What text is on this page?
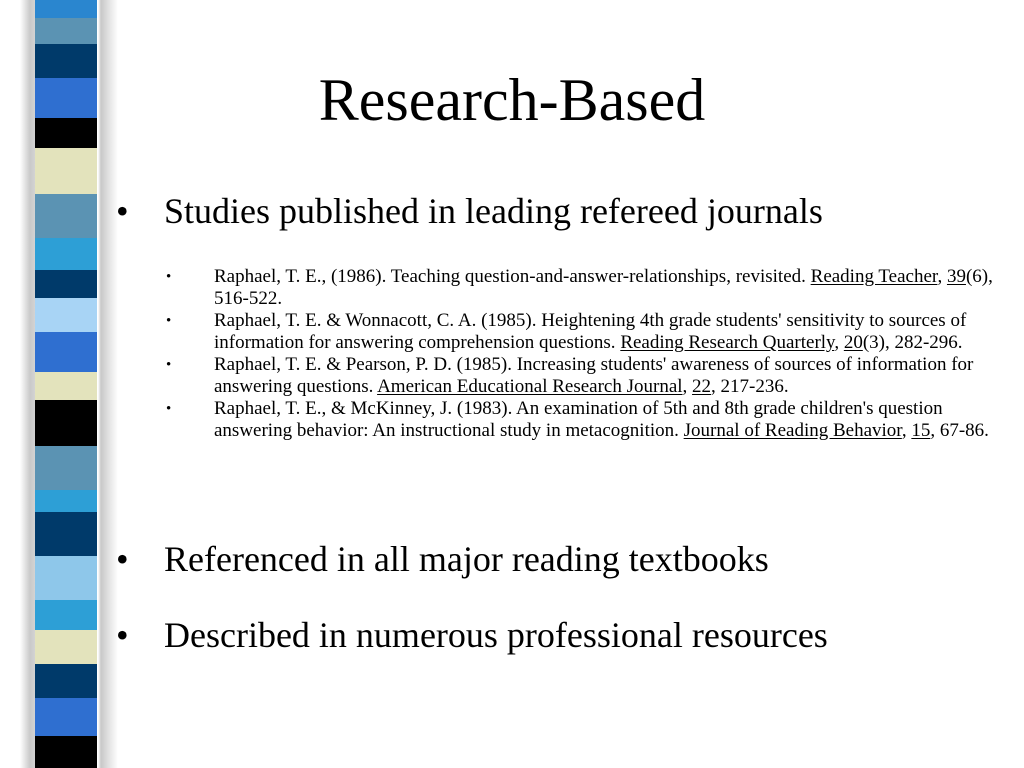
Research-Based
• Studies published in leading refereed journals
• Raphael, T. E., (1986). Teaching question-and-answer-relationships, revisited. Reading Teacher, 39(6), 516-522.
• Raphael, T. E. & Wonnacott, C. A. (1985). Heightening 4th grade students' sensitivity to sources of information for answering comprehension questions. Reading Research Quarterly, 20(3), 282-296.
• Raphael, T. E. & Pearson, P. D. (1985). Increasing students' awareness of sources of information for answering questions. American Educational Research Journal, 22, 217-236.
• Raphael, T. E., & McKinney, J. (1983). An examination of 5th and 8th grade children's question answering behavior: An instructional study in metacognition. Journal of Reading Behavior, 15, 67-86.
• Referenced in all major reading textbooks
• Described in numerous professional resources
